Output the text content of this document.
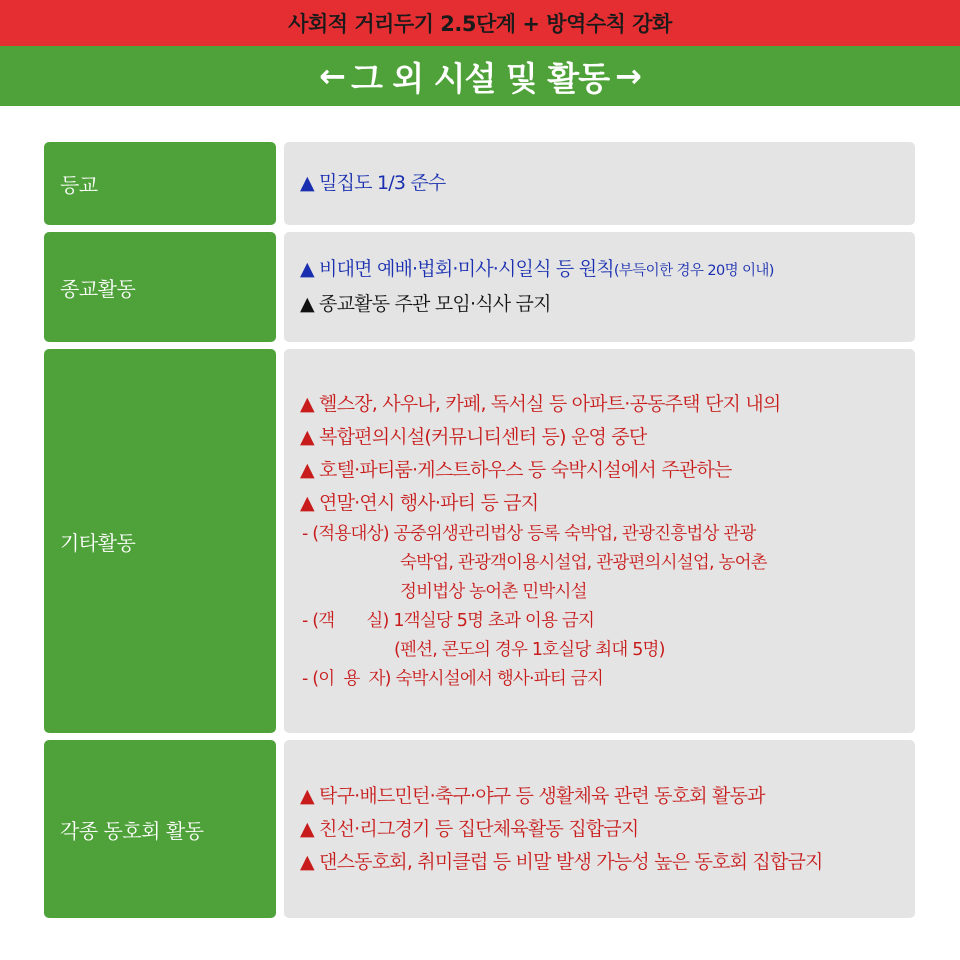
사회적 거리두기 2.5단계 + 방역수칙 강화
← 그 외 시설 및 활동 →
등교	▲ 밀집도 1/3 준수
종교활동
▲ 비대면 예배·법회·미사·시일식 등 원칙(부득이한 경우 20명 이내)
▲ 종교활동 주관 모임·식사 금지
기타활동
▲ 헬스장, 사우나, 카페, 독서실 등 아파트·공동주택 단지 내의
▲ 복합편의시설(커뮤니티센터 등) 운영 중단
▲ 호텔·파티룸·게스트하우스 등 숙박시설에서 주관하는
▲ 연말·연시 행사·파티 등 금지
- (적용대상) 공중위생관리법상 등록 숙박업, 관광진흥법상 관광
숙박업, 관광객이용시설업, 관광편의시설업, 농어촌
정비법상 농어촌 민박시설
- (객 실) 1객실당 5명 초과 이용 금지
(펜션, 콘도의 경우 1호실당 최대 5명)
- (이 용 자) 숙박시설에서 행사·파티 금지
각종 동호회 활동
▲ 탁구·배드민턴·축구·야구 등 생활체육 관련 동호회 활동과
▲ 친선·리그경기 등 집단체육활동 집합금지
▲ 댄스동호회, 취미클럽 등 비말 발생 가능성 높은 동호회 집합금지
